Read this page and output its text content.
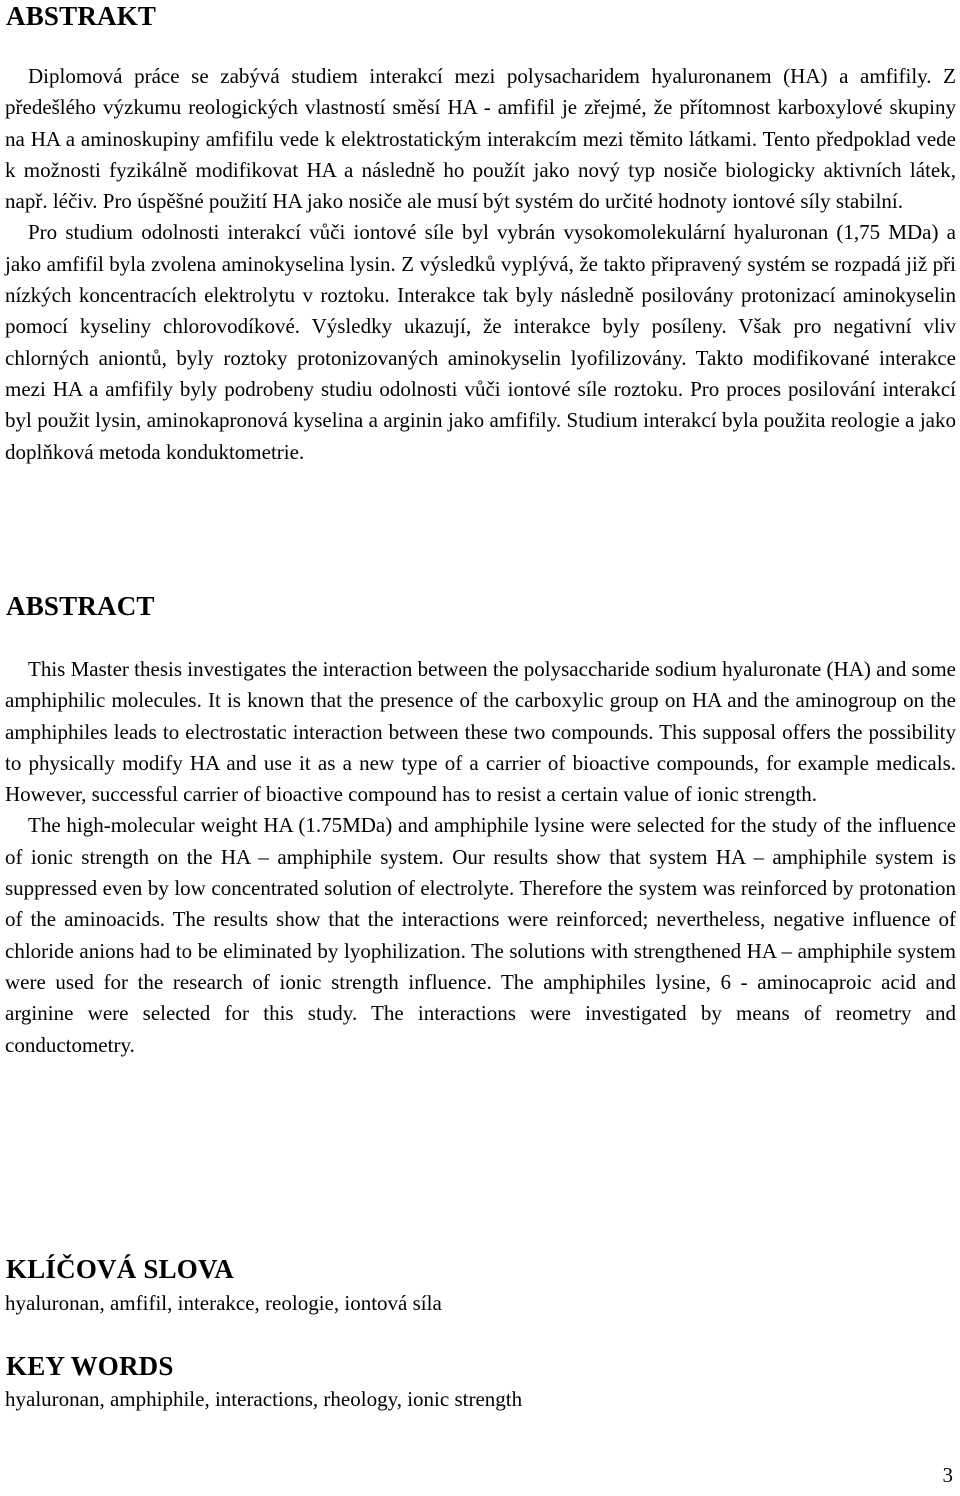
ABSTRAKT

Diplomová práce se zabývá studiem interakcí mezi polysacharidem hyaluronanem (HA) a amfifily. Z předešlého výzkumu reologických vlastností směsí HA - amfifil je zřejmé, že přítomnost karboxylové skupiny na HA a aminoskupiny amfifilu vede k elektrostatickým interakcím mezi těmito látkami. Tento předpoklad vede k možnosti fyzikálně modifikovat HA a následně ho použít jako nový typ nosiče biologicky aktivních látek, např. léčiv. Pro úspěšné použití HA jako nosiče ale musí být systém do určité hodnoty iontové síly stabilní.

Pro studium odolnosti interakcí vůči iontové síle byl vybrán vysokomolekulární hyaluronan (1,75 MDa) a jako amfifil byla zvolena aminokyselina lysin. Z výsledků vyplývá, že takto připravený systém se rozpadá již při nízkých koncentracích elektrolytu v roztoku. Interakce tak byly následně posilovány protonizací aminokyselin pomocí kyseliny chlorovodíkové. Výsledky ukazují, že interakce byly posíleny. Však pro negativní vliv chlorných aniontů, byly roztoky protonizovaných aminokyselin lyofilizovány. Takto modifikované interakce mezi HA a amfifily byly podrobeny studiu odolnosti vůči iontové síle roztoku. Pro proces posilování interakcí byl použit lysin, aminokapronová kyselina a arginin jako amfifily. Studium interakcí byla použita reologie a jako doplňková metoda konduktometrie.

ABSTRACT

This Master thesis investigates the interaction between the polysaccharide sodium hyaluronate (HA) and some amphiphilic molecules. It is known that the presence of the carboxylic group on HA and the aminogroup on the amphiphiles leads to electrostatic interaction between these two compounds. This supposal offers the possibility to physically modify HA and use it as a new type of a carrier of bioactive compounds, for example medicals. However, successful carrier of bioactive compound has to resist a certain value of ionic strength.

The high-molecular weight HA (1.75MDa) and amphiphile lysine were selected for the study of the influence of ionic strength on the HA – amphiphile system. Our results show that system HA – amphiphile system is suppressed even by low concentrated solution of electrolyte. Therefore the system was reinforced by protonation of the aminoacids. The results show that the interactions were reinforced; nevertheless, negative influence of chloride anions had to be eliminated by lyophilization. The solutions with strengthened HA – amphiphile system were used for the research of ionic strength influence. The amphiphiles lysine, 6 - aminocaproic acid and arginine were selected for this study. The interactions were investigated by means of reometry and conductometry.

KLÍČOVÁ SLOVA

hyaluronan, amfifil, interakce, reologie, iontová síla

KEY WORDS

hyaluronan, amphiphile, interactions, rheology, ionic strength

3
